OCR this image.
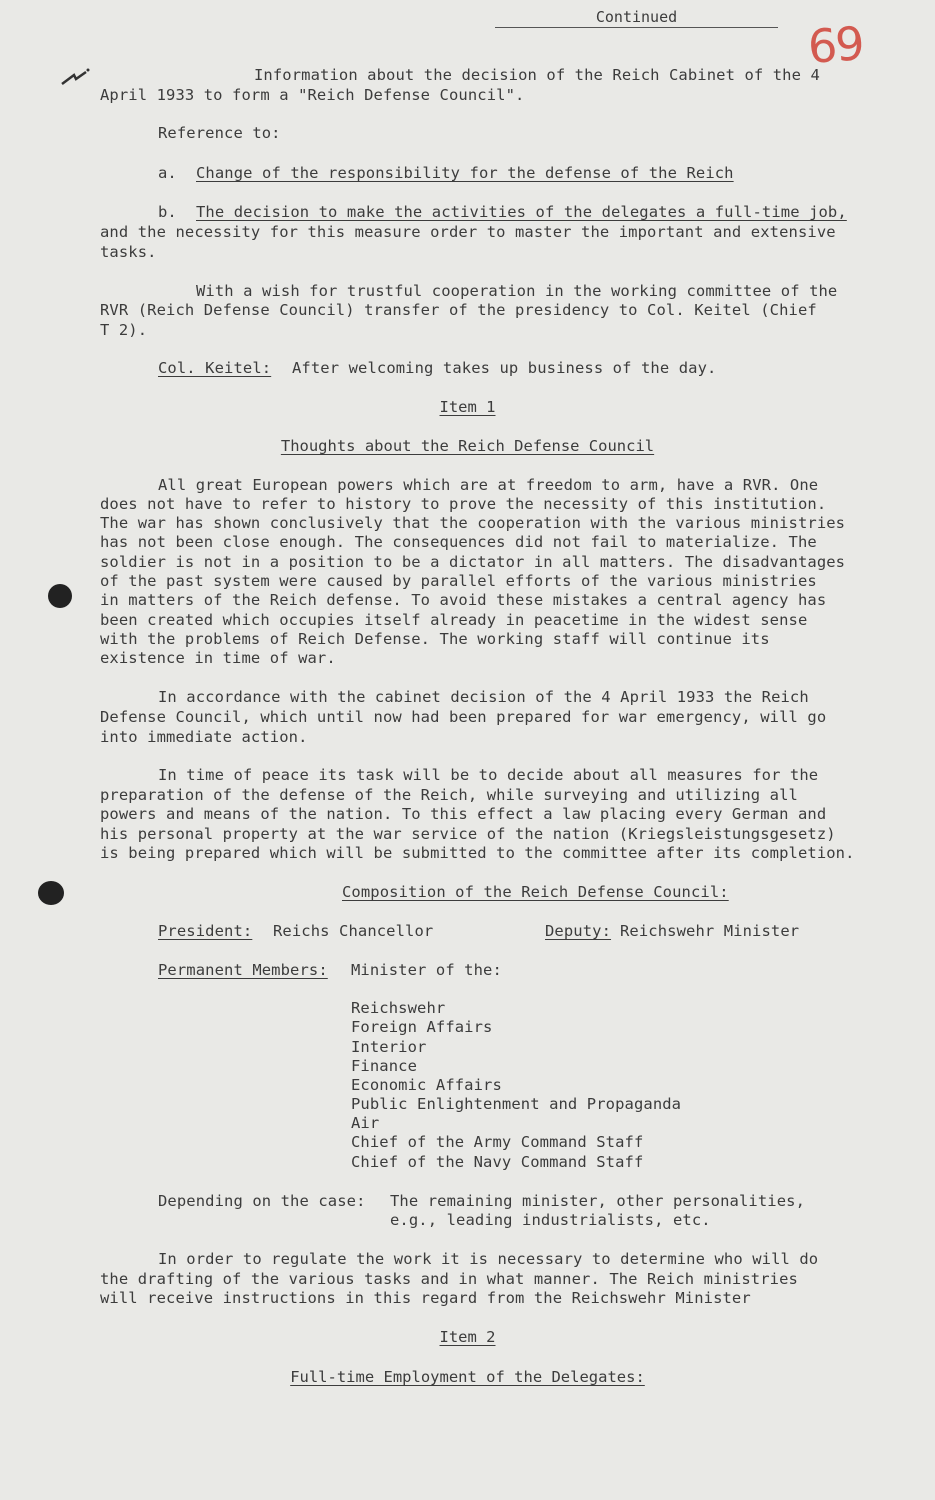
Continued	69
Information about the decision of the Reich Cabinet of the 4
April 1933 to form a "Reich Defense Council".
Reference to:
a. Change of the responsibility for the defense of the Reich
b. The decision to make the activities of the delegates a full-time job,
and the necessity for this measure order to master the important and extensive
tasks.
With a wish for trustful cooperation in the working committee of the
RVR (Reich Defense Council) transfer of the presidency to Col. Keitel (Chief
T 2).
Col. Keitel: After welcoming takes up business of the day.
Item 1
Thoughts about the Reich Defense Council
All great European powers which are at freedom to arm, have a RVR. One
does not have to refer to history to prove the necessity of this institution.
The war has shown conclusively that the cooperation with the various ministries
has not been close enough. The consequences did not fail to materialize. The
soldier is not in a position to be a dictator in all matters. The disadvantages
of the past system were caused by parallel efforts of the various ministries
in matters of the Reich defense. To avoid these mistakes a central agency has
been created which occupies itself already in peacetime in the widest sense
with the problems of Reich Defense. The working staff will continue its
existence in time of war.
In accordance with the cabinet decision of the 4 April 1933 the Reich
Defense Council, which until now had been prepared for war emergency, will go
into immediate action.
In time of peace its task will be to decide about all measures for the
preparation of the defense of the Reich, while surveying and utilizing all
powers and means of the nation. To this effect a law placing every German and
his personal property at the war service of the nation (Kriegsleistungsgesetz)
is being prepared which will be submitted to the committee after its completion.
Composition of the Reich Defense Council:
President: Reichs Chancellor	Deputy: Reichswehr Minister
Permanent Members: Minister of the:
Reichswehr
Foreign Affairs
Interior
Finance
Economic Affairs
Public Enlightenment and Propaganda
Air
Chief of the Army Command Staff
Chief of the Navy Command Staff
Depending on the case: The remaining minister, other personalities,
e.g., leading industrialists, etc.
In order to regulate the work it is necessary to determine who will do
the drafting of the various tasks and in what manner. The Reich ministries
will receive instructions in this regard from the Reichswehr Minister
Item 2
Full-time Employment of the Delegates:
